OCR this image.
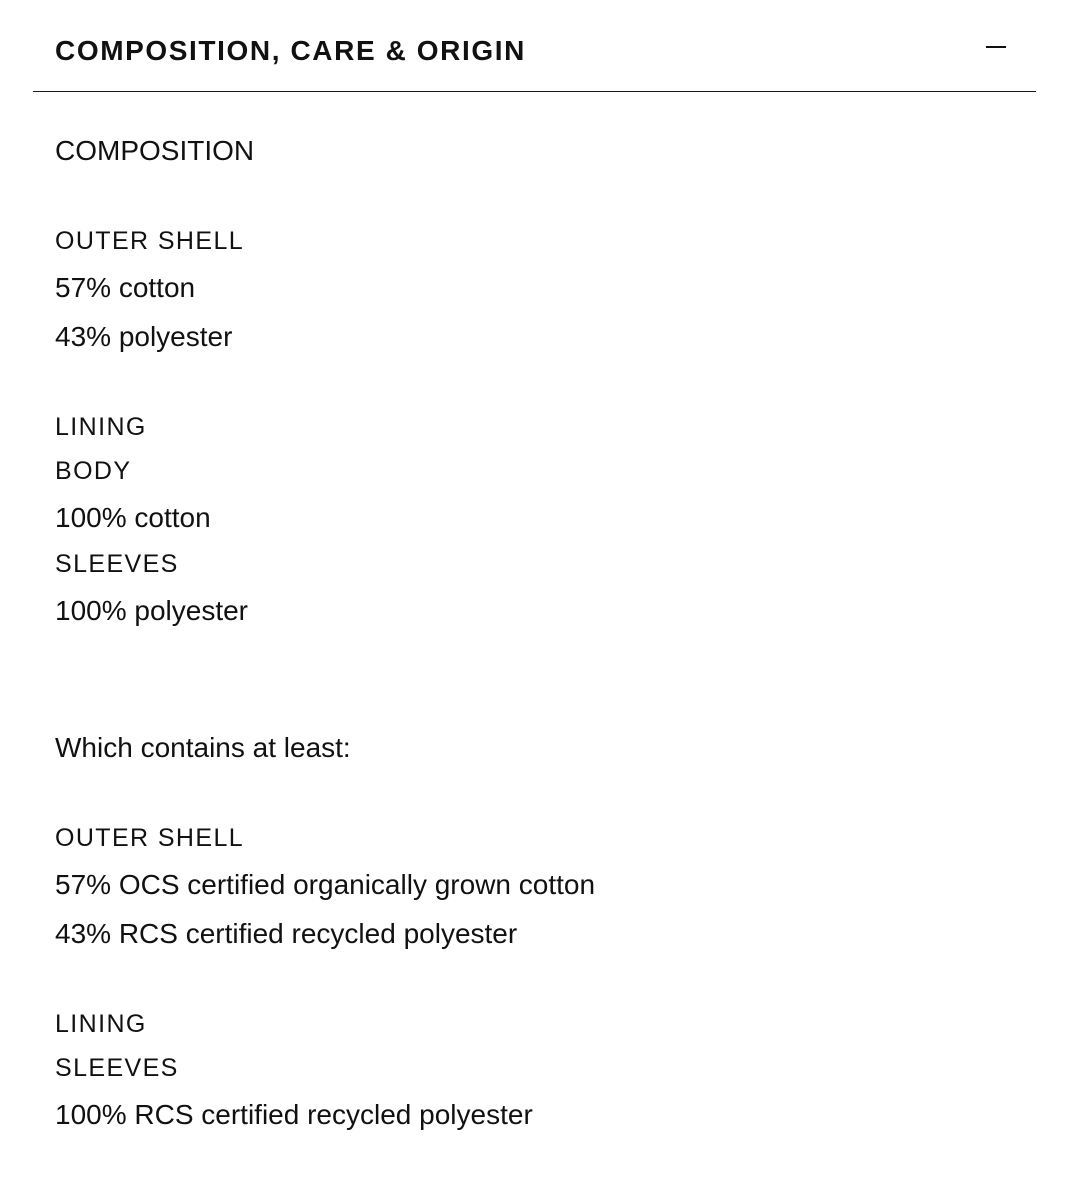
COMPOSITION, CARE & ORIGIN
COMPOSITION
OUTER SHELL
57% cotton
43% polyester
LINING
BODY
100% cotton
SLEEVES
100% polyester
Which contains at least:
OUTER SHELL
57% OCS certified organically grown cotton
43% RCS certified recycled polyester
LINING
SLEEVES
100% RCS certified recycled polyester
